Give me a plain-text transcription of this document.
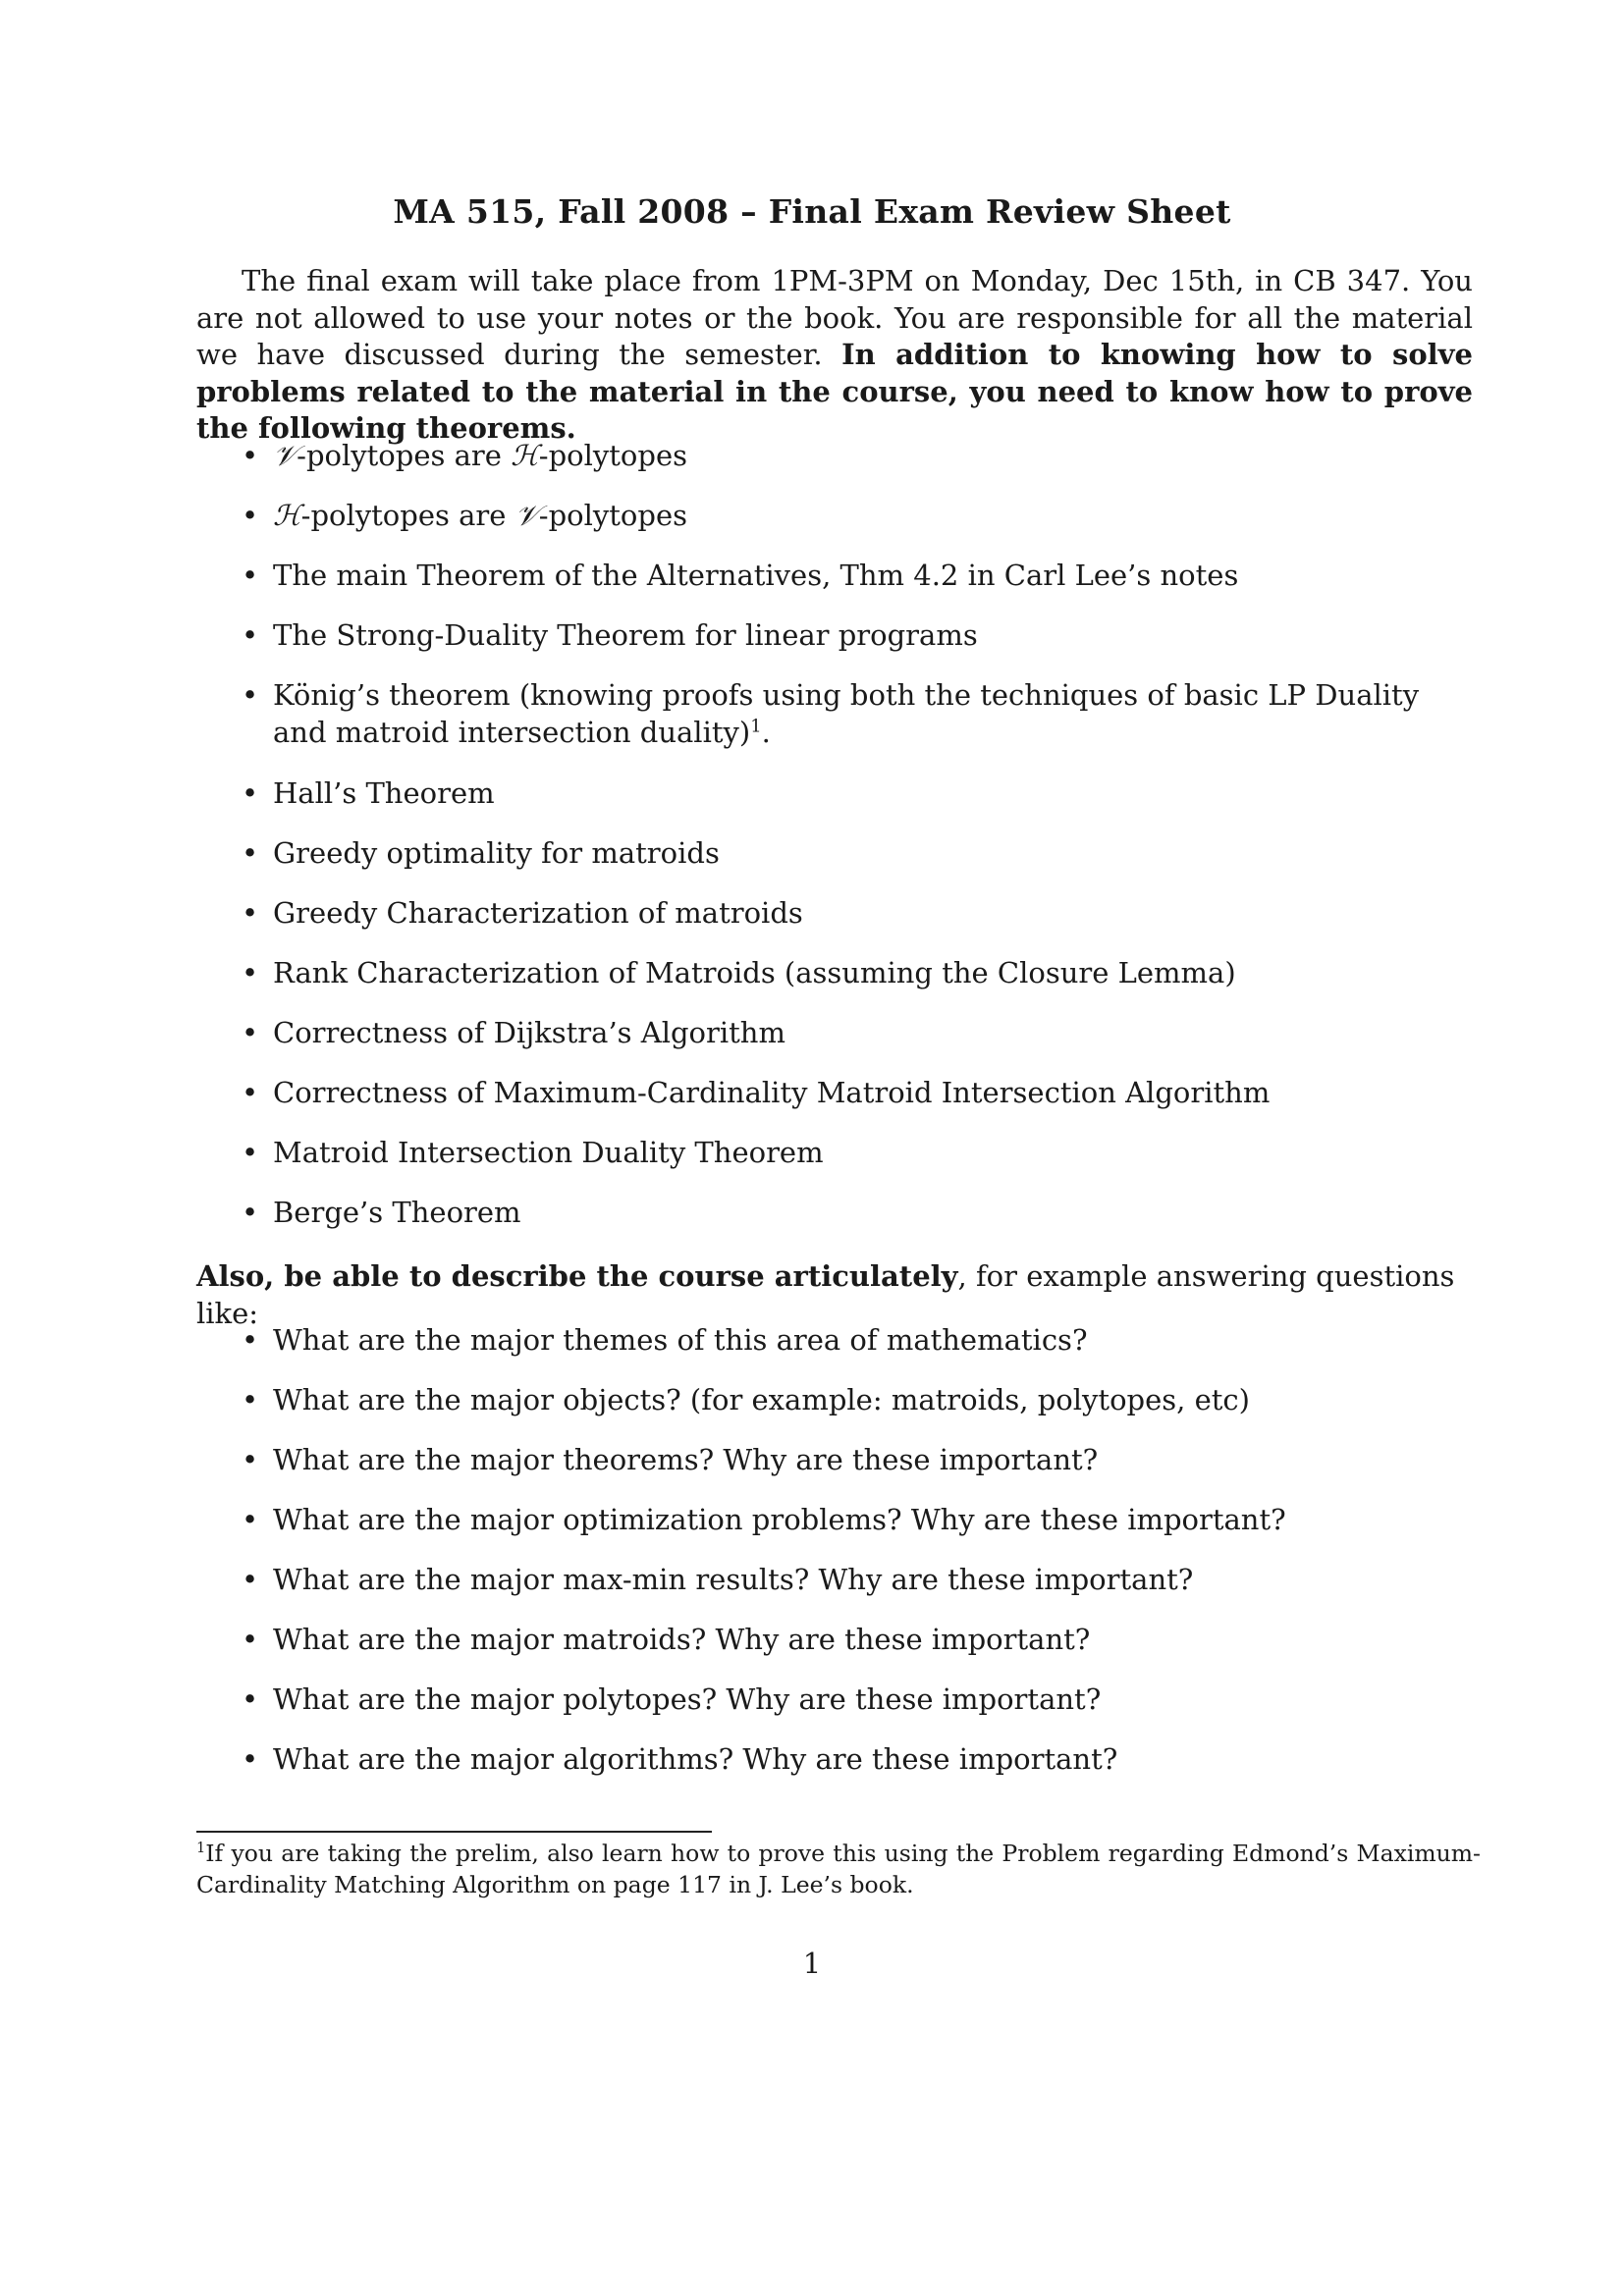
MA 515, Fall 2008 – Final Exam Review Sheet
The final exam will take place from 1PM-3PM on Monday, Dec 15th, in CB 347. You are not allowed to use your notes or the book. You are responsible for all the material we have discussed during the semester. In addition to knowing how to solve problems related to the material in the course, you need to know how to prove the following theorems.
• 𝒱-polytopes are ℋ-polytopes
• ℋ-polytopes are 𝒱-polytopes
• The main Theorem of the Alternatives, Thm 4.2 in Carl Lee’s notes
• The Strong-Duality Theorem for linear programs
• König’s theorem (knowing proofs using both the techniques of basic LP Duality and matroid intersection duality)$^1$.
• Hall’s Theorem
• Greedy optimality for matroids
• Greedy Characterization of matroids
• Rank Characterization of Matroids (assuming the Closure Lemma)
• Correctness of Dijkstra’s Algorithm
• Correctness of Maximum-Cardinality Matroid Intersection Algorithm
• Matroid Intersection Duality Theorem
• Berge’s Theorem
Also, be able to describe the course articulately, for example answering questions like:
• What are the major themes of this area of mathematics?
• What are the major objects? (for example: matroids, polytopes, etc)
• What are the major theorems? Why are these important?
• What are the major optimization problems? Why are these important?
• What are the major max-min results? Why are these important?
• What are the major matroids? Why are these important?
• What are the major polytopes? Why are these important?
• What are the major algorithms? Why are these important?
$^1$If you are taking the prelim, also learn how to prove this using the Problem regarding Edmond’s Maximum-Cardinality Matching Algorithm on page 117 in J. Lee’s book.
1
